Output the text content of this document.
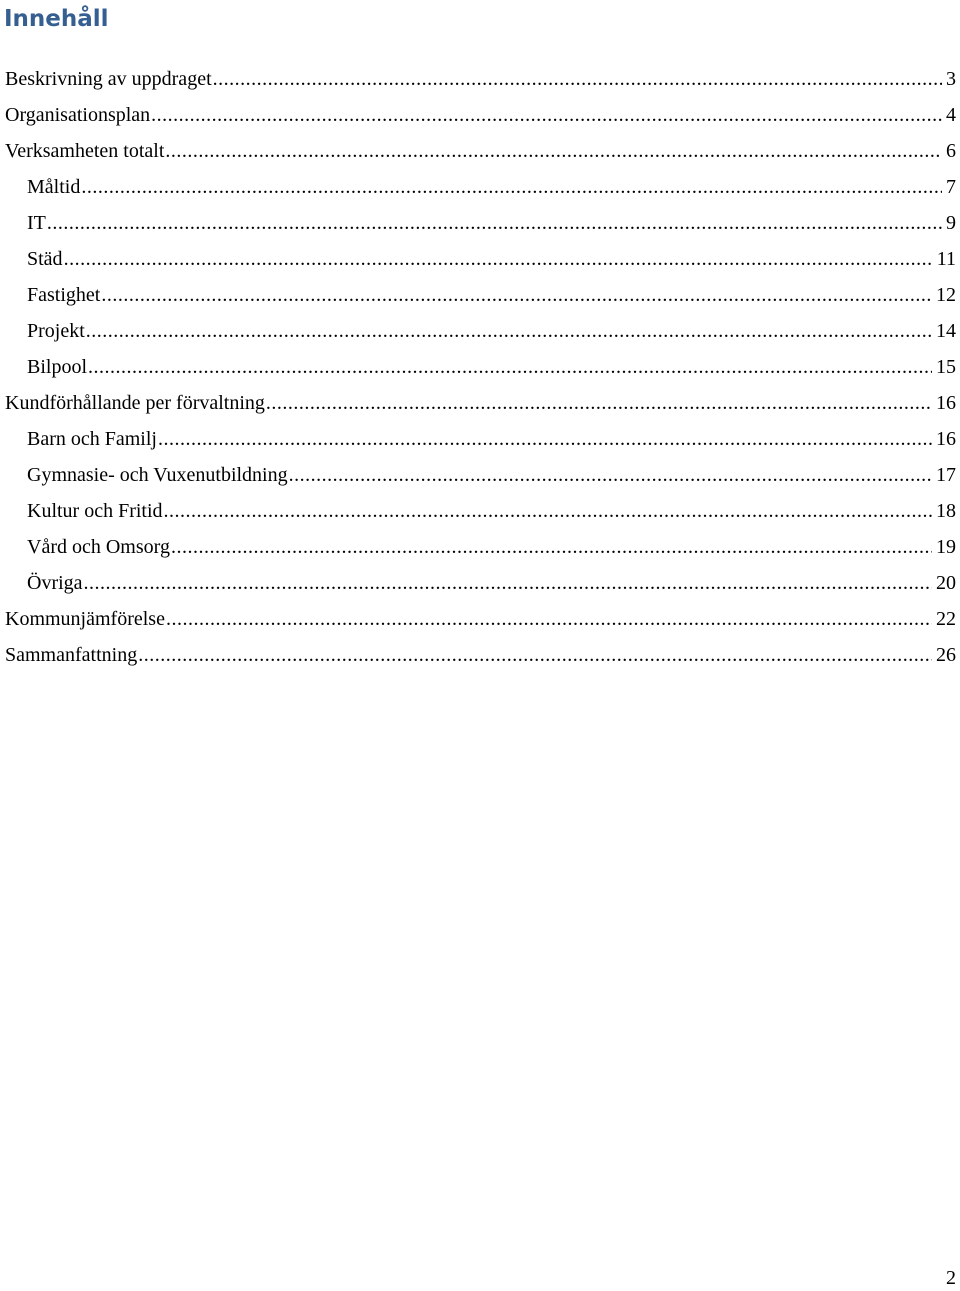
Innehåll
Beskrivning av uppdraget .....	3
Organisationsplan .....	4
Verksamheten totalt .....	6
Måltid .....	7
IT .....	9
Städ .....	11
Fastighet .....	12
Projekt .....	14
Bilpool .....	15
Kundförhållande per förvaltning .....	16
Barn och Familj .....	16
Gymnasie- och Vuxenutbildning .....	17
Kultur och Fritid .....	18
Vård och Omsorg .....	19
Övriga .....	20
Kommunjämförelse .....	22
Sammanfattning .....	26
2
